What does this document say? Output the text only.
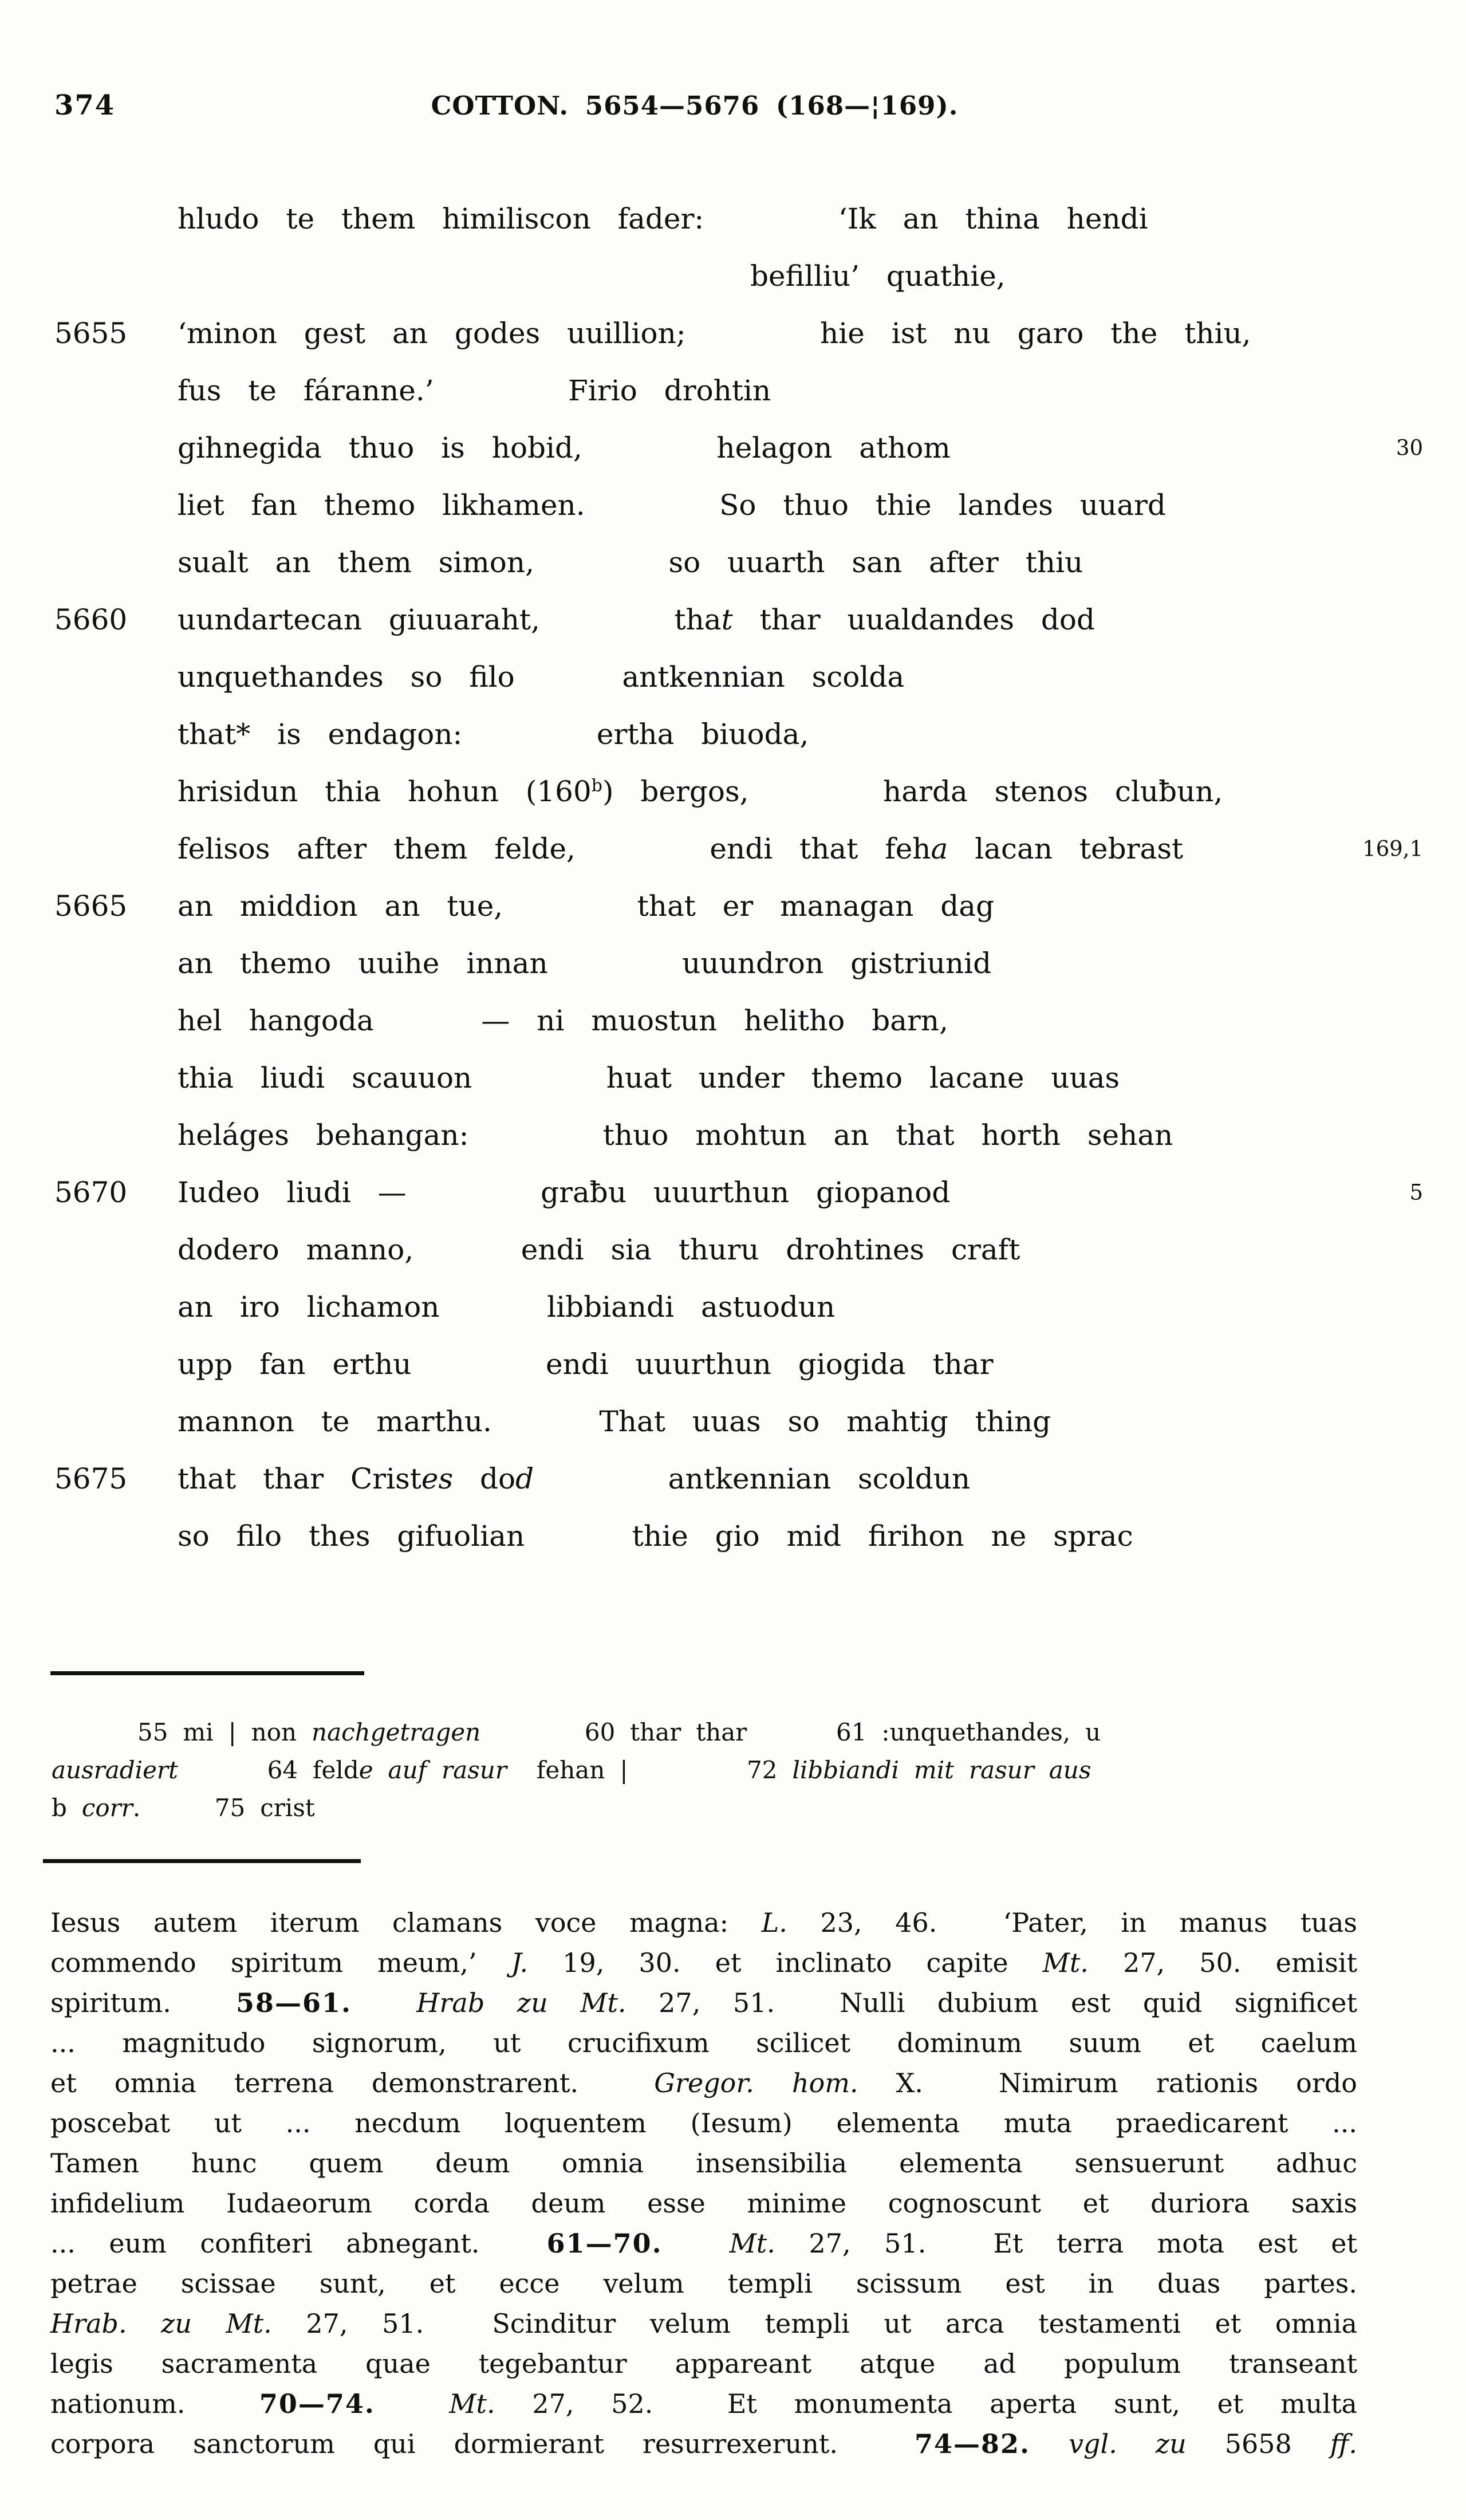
374	COTTON. 5654—5676 (168—¦169).
hludo te them himiliscon fader:     ‘Ik an thina hendi
befilliu’ quathie,
5655	‘minon gest an godes uuillion;     hie ist nu garo the thiu,
fus te fáranne.’     Firio drohtin
gihnegida thuo is hobid,     helagon athom	30
liet fan themo likhamen.     So thuo thie landes uuard
sualt an them simon,     so uuarth san after thiu
5660	uundartecan giuuaraht,     that thar uualdandes dod
unquethandes so filo    antkennian scolda
that* is endagon:     ertha biuoda,
hrisidun thia hohun (160$^b$) bergos,     harda stenos cluƀun,
felisos after them felde,     endi that feha lacan tebrast	169,1
5665	an middion an tue,     that er managan dag
an themo uuihe innan     uuundron gistriunid
hel hangoda    — ni muostun helitho barn,
thia liudi scauuon     huat under themo lacane uuas
heláges behangan:     thuo mohtun an that horth sehan
5670	Iudeo liudi —     graƀu uuurthun giopanod	5
dodero manno,    endi sia thuru drohtines craft
an iro lichamon    libbiandi astuodun
upp fan erthu     endi uuurthun giogida thar
mannon te marthu.    That uuas so mahtig thing
5675	that thar Cristes dod     antkennian scoldun
so filo thes gifuolian    thie gio mid firihon ne sprac
55 mi | non nachgetragen       60 thar thar      61 :unquethandes, u
ausradiert      64 felde auf rasur  fehan |        72 libbiandi mit rasur aus
b corr.     75 crist
Iesus autem iterum clamans voce magna: L. 23, 46.  ‘Pater, in manus tuas
commendo spiritum meum,’ J. 19, 30. et inclinato capite Mt. 27, 50. emisit
spiritum.  58—61. Hrab zu Mt. 27, 51.  Nulli dubium est quid significet
... magnitudo signorum, ut crucifixum scilicet dominum suum et caelum
et omnia terrena demonstrarent.  Gregor. hom. X.  Nimirum rationis ordo
poscebat ut ... necdum loquentem (Iesum) elementa muta praedicarent ...
Tamen hunc quem deum omnia insensibilia elementa sensuerunt adhuc
infidelium Iudaeorum corda deum esse minime cognoscunt et duriora saxis
... eum confiteri abnegant.  61—70.	Mt. 27, 51.  Et terra mota est et
petrae scissae sunt, et ecce velum templi scissum est in duas partes.
Hrab. zu Mt. 27, 51.  Scinditur velum templi ut arca testamenti et omnia
legis sacramenta quae tegebantur appareant atque ad populum transeant
nationum.  70—74.	Mt. 27, 52.  Et monumenta aperta sunt, et multa
corpora sanctorum qui dormierant resurrexerunt.  74—82. vgl. zu 5658 ff.
